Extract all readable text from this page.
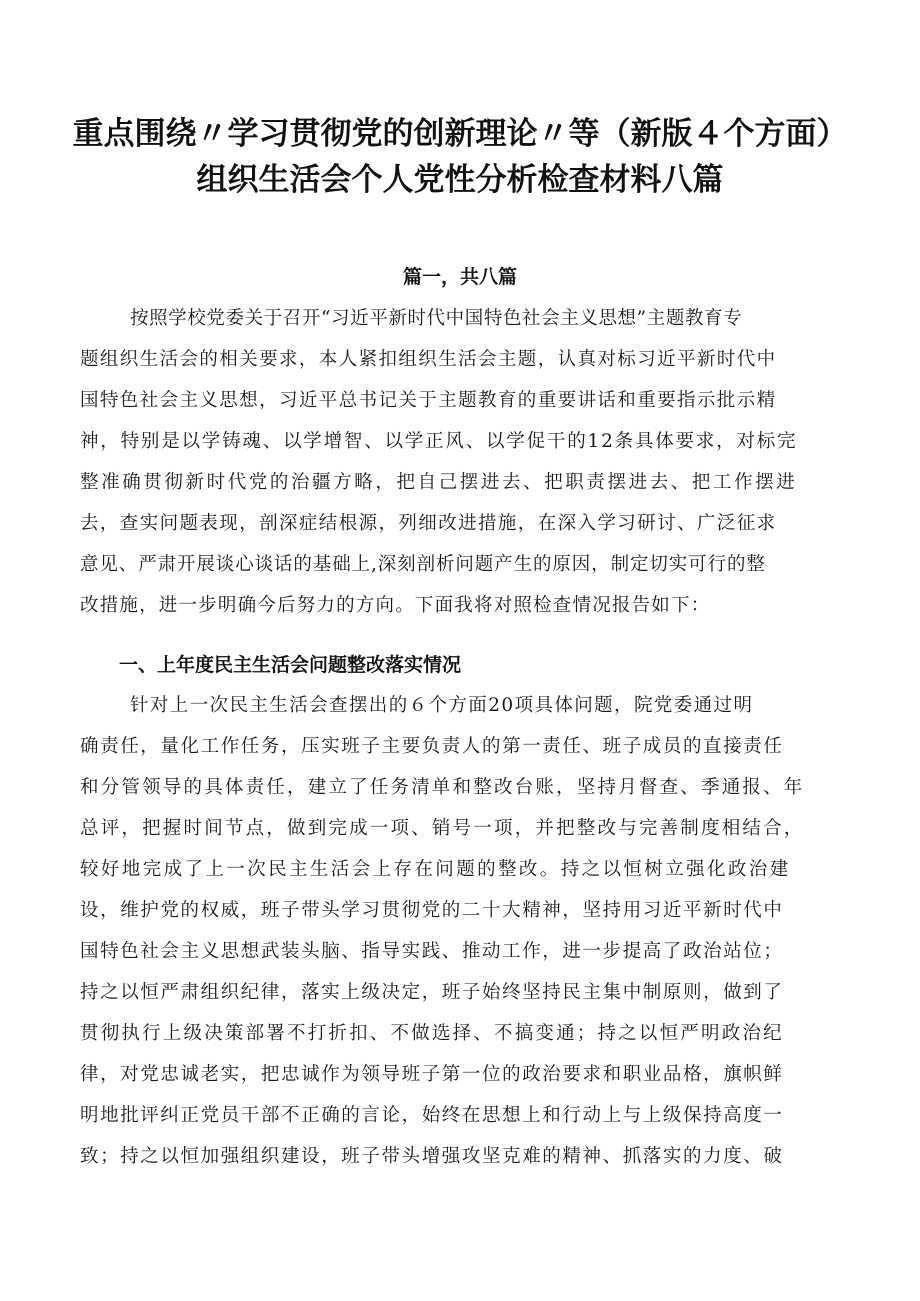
重点围绕〃学习贯彻党的创新理论〃等（新版４个方面）
组织生活会个人党性分析检查材料八篇
篇一，共八篇

按照学校党委关于召开“习近平新时代中国特色社会主义思想”主题教育专

题组织生活会的相关要求，本人紧扣组织生活会主题，认真对标习近平新时代中

国特色社会主义思想，习近平总书记关于主题教育的重要讲话和重要指示批示精

神，特别是以学铸魂、以学增智、以学正风、以学促干的12条具体要求，对标完

整准确贯彻新时代党的治疆方略，把自己摆进去、把职责摆进去、把工作摆进

去，查实问题表现，剖深症结根源，列细改进措施，在深入学习研讨、广泛征求

意见、严肃开展谈心谈话的基础上,深刻剖析问题产生的原因，制定切实可行的整

改措施，进一步明确今后努力的方向。下面我将对照检查情况报告如下：

一、上年度民主生活会问题整改落实情况

针对上一次民主生活会查摆出的６个方面20项具体问题，院党委通过明

确责任，量化工作任务，压实班子主要负责人的第一责任、班子成员的直接责任

和分管领导的具体责任，建立了任务清单和整改台账，坚持月督查、季通报、年

总评，把握时间节点，做到完成一项、销号一项，并把整改与完善制度相结合，

较好地完成了上一次民主生活会上存在问题的整改。持之以恒树立强化政治建

设，维护党的权威，班子带头学习贯彻党的二十大精神，坚持用习近平新时代中

国特色社会主义思想武装头脑、指导实践、推动工作，进一步提高了政治站位；

持之以恒严肃组织纪律，落实上级决定，班子始终坚持民主集中制原则，做到了

贯彻执行上级决策部署不打折扣、不做选择、不搞变通；持之以恒严明政治纪

律，对党忠诚老实，把忠诚作为领导班子第一位的政治要求和职业品格，旗帜鲜

明地批评纠正党员干部不正确的言论，始终在思想上和行动上与上级保持高度一

致；持之以恒加强组织建设，班子带头增强攻坚克难的精神、抓落实的力度、破
